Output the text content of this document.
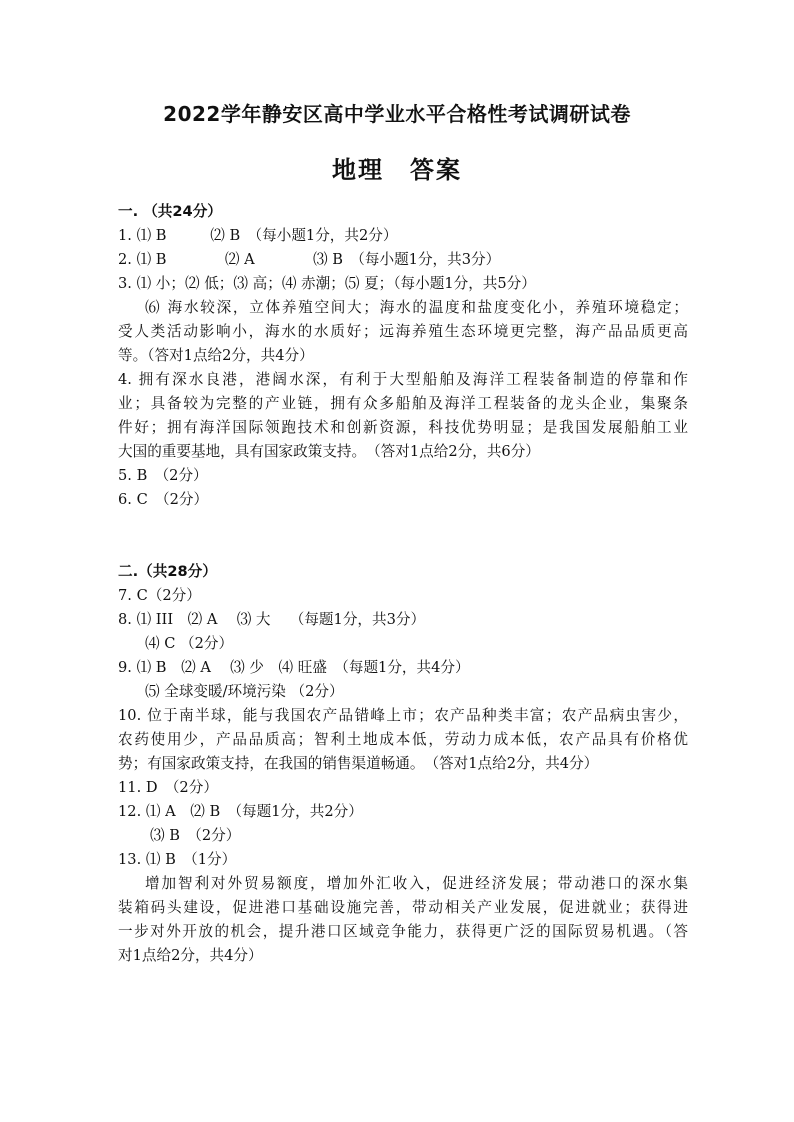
2022学年静安区高中学业水平合格性考试调研试卷
地理　答案
一. （共24分）
1. ⑴ B　　　⑵ B　（每小题1分，共2分）
2. ⑴ B　　　　⑵ A　　　　⑶ B　（每小题1分，共3分）
3. ⑴ 小；⑵ 低；⑶ 高；⑷ 赤潮；⑸ 夏；（每小题1分，共5分）
⑹ 海水较深，立体养殖空间大；海水的温度和盐度变化小，养殖环境稳定；
受人类活动影响小，海水的水质好；远海养殖生态环境更完整，海产品品质更高
等。（答对1点给2分，共4分）
4. 拥有深水良港，港阔水深，有利于大型船舶及海洋工程装备制造的停靠和作
业；具备较为完整的产业链，拥有众多船舶及海洋工程装备的龙头企业，集聚条
件好；拥有海洋国际领跑技术和创新资源，科技优势明显；是我国发展船舶工业
大国的重要基地，具有国家政策支持。　（答对1点给2分，共6分）
5. B　（2分）
6. C　（2分）
二.（共28分）
7. C（2分）
8. ⑴ III　⑵ A　 ⑶ 大　 （每题1分，共3分）
⑷ C （2分）
9. ⑴ B　⑵ A　 ⑶ 少　⑷ 旺盛　（每题1分，共4分）
⑸ 全球变暖/环境污染 （2分）
10. 位于南半球，能与我国农产品错峰上市；农产品种类丰富；农产品病虫害少，
农药使用少，产品品质高；智利土地成本低，劳动力成本低，农产品具有价格优
势；有国家政策支持，在我国的销售渠道畅通。　（答对1点给2分，共4分）
11. D　（2分）
12. ⑴ A　⑵ B　（每题1分，共2分）
⑶ B　（2分）
13. ⑴ B　（1分）
增加智利对外贸易额度，增加外汇收入，促进经济发展；带动港口的深水集
装箱码头建设，促进港口基础设施完善，带动相关产业发展，促进就业；获得进
一步对外开放的机会，提升港口区域竞争能力，获得更广泛的国际贸易机遇。（答
对1点给2分，共4分）
